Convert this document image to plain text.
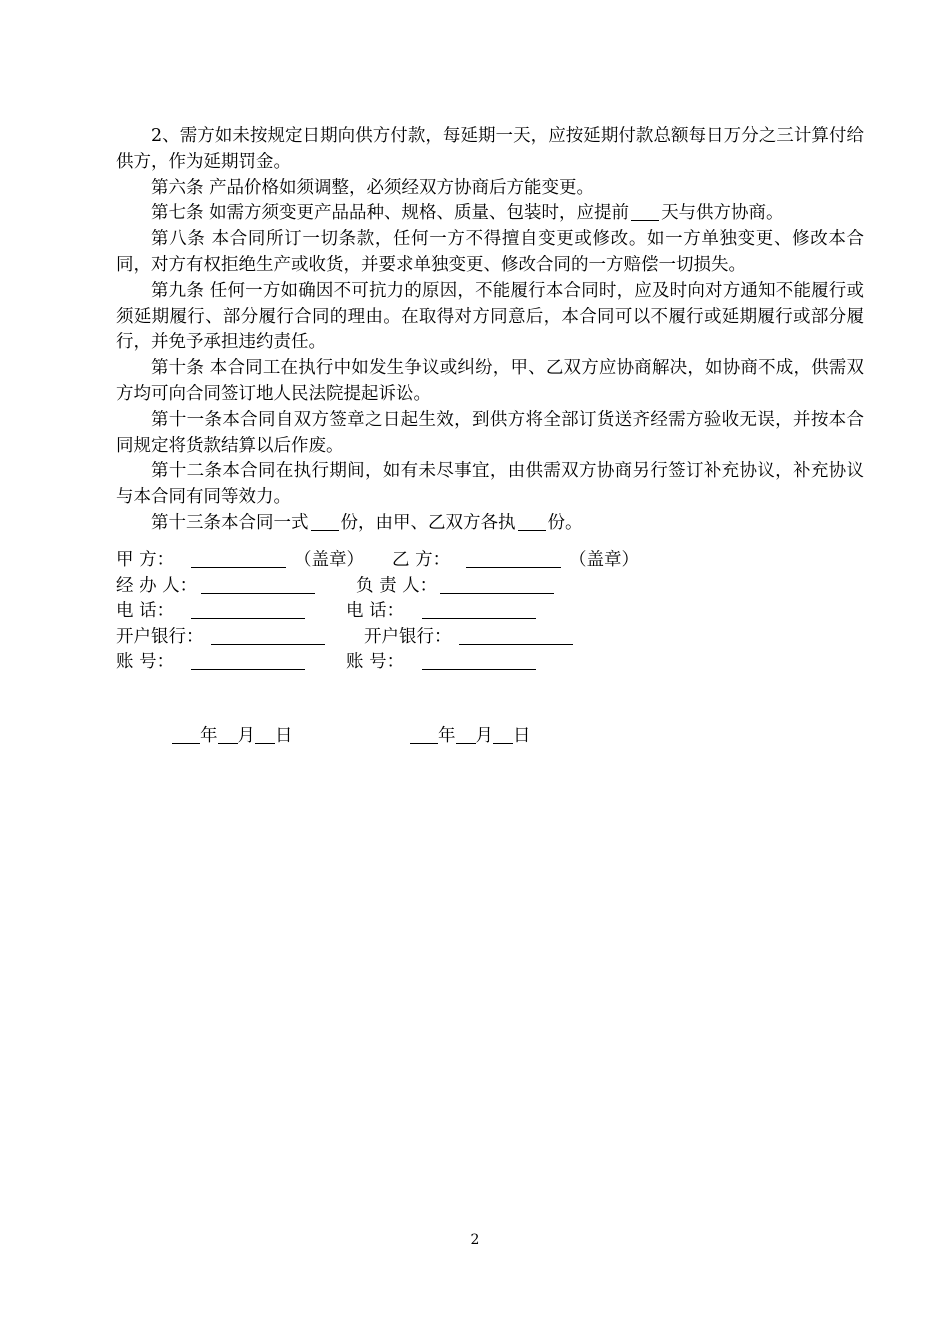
2、需方如未按规定日期向供方付款，每延期一天，应按延期付款总额每日万分之三计算付给供方，作为延期罚金。

第六条 产品价格如须调整，必须经双方协商后方能变更。

第七条 如需方须变更产品品种、规格、质量、包装时，应提前 天与供方协商。

第八条 本合同所订一切条款，任何一方不得擅自变更或修改。如一方单独变更、修改本合同，对方有权拒绝生产或收货，并要求单独变更、修改合同的一方赔偿一切损失。

第九条 任何一方如确因不可抗力的原因，不能履行本合同时，应及时向对方通知不能履行或须延期履行、部分履行合同的理由。在取得对方同意后，本合同可以不履行或延期履行或部分履行，并免予承担违约责任。

第十条 本合同工在执行中如发生争议或纠纷，甲、乙双方应协商解决，如协商不成，供需双方均可向合同签订地人民法院提起诉讼。

第十一条本合同自双方签章之日起生效，到供方将全部订货送齐经需方验收无误，并按本合同规定将货款结算以后作废。

第十二条本合同在执行期间，如有未尽事宜，由供需双方协商另行签订补充协议，补充协议与本合同有同等效力。

第十三条本合同一式 份，由甲、乙双方各执 份。

甲 方：	（盖章） 乙 方：	（盖章）
经 办 人：	负 责 人：
电 话：	电 话：
开户银行：	开户银行：
账 号：	账 号：
年 月 日	年 月 日
2
